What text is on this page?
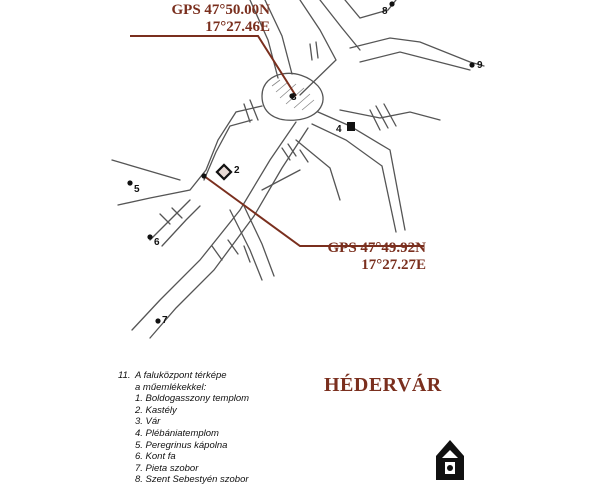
GPS 47°50.00N
17°27.46E
GPS 47°49.92N
17°27.27E
2
3
4
5
6
7
8
9
HÉDERVÁR
11. A faluközpont térképe
a műemlékekkel:
1. Boldogasszony templom
2. Kastély
3. Vár
4. Plébániatemplom
5. Peregrinus kápolna
6. Kont fa
7. Pieta szobor
8. Szent Sebestyén szobor
